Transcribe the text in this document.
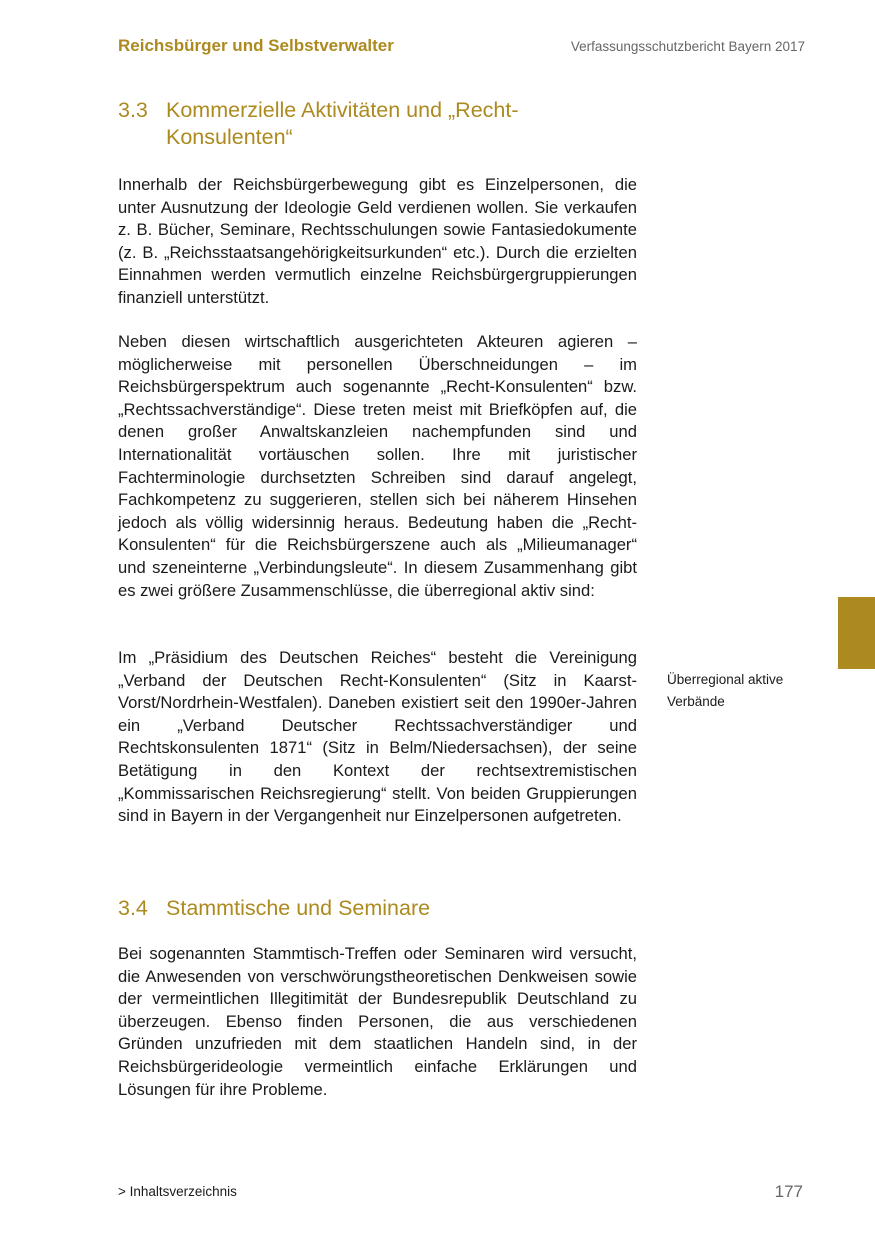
Reichsbürger und Selbstverwalter	Verfassungsschutzbericht Bayern 2017
3.3 Kommerzielle Aktivitäten und „Recht-Konsulenten“

Innerhalb der Reichsbürgerbewegung gibt es Einzelpersonen, die unter Ausnutzung der Ideologie Geld verdienen wollen. Sie verkaufen z. B. Bücher, Seminare, Rechtsschulungen sowie Fantasiedokumente (z. B. „Reichsstaatsangehörigkeitsurkunden“ etc.). Durch die erzielten Einnahmen werden vermutlich einzelne Reichsbürgergruppierungen finanziell unterstützt.

Neben diesen wirtschaftlich ausgerichteten Akteuren agieren – möglicherweise mit personellen Überschneidungen – im Reichsbürgerspektrum auch sogenannte „Recht-Konsulenten“ bzw. „Rechtssachverständige“. Diese treten meist mit Briefköpfen auf, die denen großer Anwaltskanzleien nachempfunden sind und Internationalität vortäuschen sollen. Ihre mit juristischer Fachterminologie durchsetzten Schreiben sind darauf angelegt, Fachkompetenz zu suggerieren, stellen sich bei näherem Hinsehen jedoch als völlig widersinnig heraus. Bedeutung haben die „Recht-Konsulenten“ für die Reichsbürgerszene auch als „Milieumanager“ und szeneinterne „Verbindungsleute“. In diesem Zusammenhang gibt es zwei größere Zusammenschlüsse, die überregional aktiv sind:

Im „Präsidium des Deutschen Reiches“ besteht die Vereinigung „Verband der Deutschen Recht-Konsulenten“ (Sitz in Kaarst-Vorst/Nordrhein-Westfalen). Daneben existiert seit den 1990er-Jahren ein „Verband Deutscher Rechtssachverständiger und Rechtskonsulenten 1871“ (Sitz in Belm/Niedersachsen), der seine Betätigung in den Kontext der rechtsextremistischen „Kommissarischen Reichsregierung“ stellt. Von beiden Gruppierungen sind in Bayern in der Vergangenheit nur Einzelpersonen aufgetreten.

Überregional aktive Verbände
3.4 Stammtische und Seminare

Bei sogenannten Stammtisch-Treffen oder Seminaren wird versucht, die Anwesenden von verschwörungstheoretischen Denkweisen sowie der vermeintlichen Illegitimität der Bundesrepublik Deutschland zu überzeugen. Ebenso finden Personen, die aus verschiedenen Gründen unzufrieden mit dem staatlichen Handeln sind, in der Reichsbürgerideologie vermeintlich einfache Erklärungen und Lösungen für ihre Probleme.

> Inhaltsverzeichnis	177
